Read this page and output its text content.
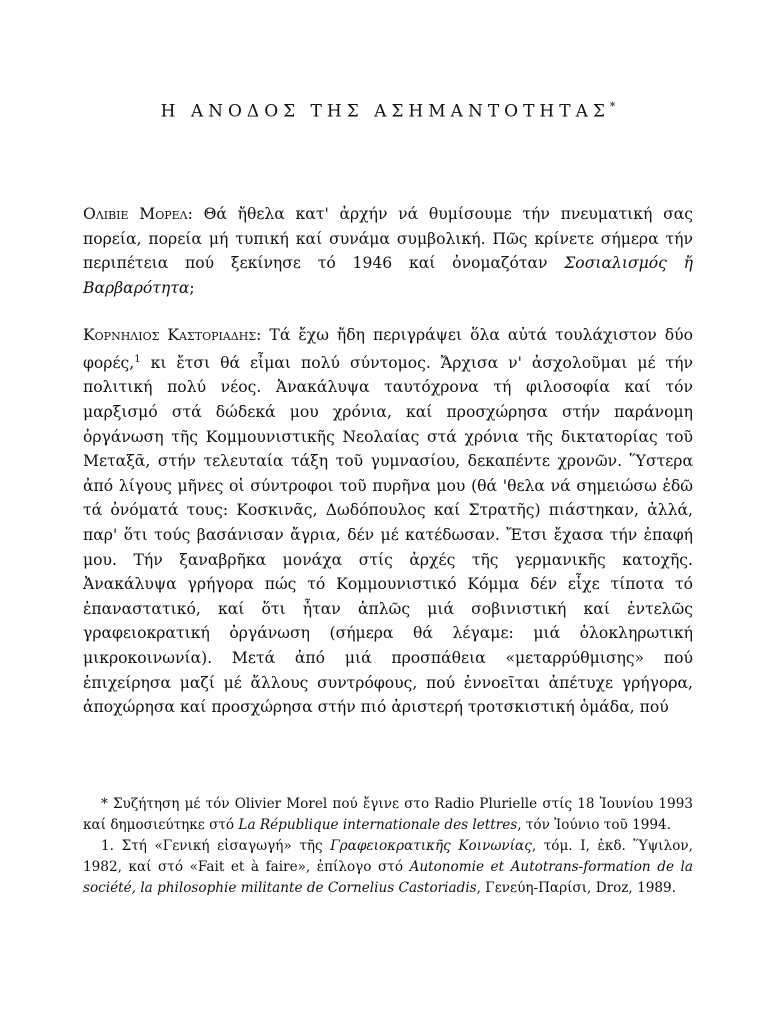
Η ΑΝΟΔΟΣ ΤΗΣ ΑΣΗΜΑΝΤΟΤΗΤΑΣ*

Ολιβιε Μορελ: Θά ἤθελα κατ' ἀρχήν νά θυμίσουμε τήν πνευματική σας πορεία, πορεία μή τυπική καί συνάμα συμβολική. Πῶς κρίνετε σήμερα τήν περιπέτεια πού ξεκίνησε τό 1946 καί ὀνομαζόταν Σοσιαλισμός ἤ Βαρβαρότητα;

Κορνηλιος Καστοριαδης: Τά ἔχω ἤδη περιγράψει ὅλα αὐτά τουλάχιστον δύο φορές,$^1$ κι ἔτσι θά εἶμαι πολύ σύντομος. Ἄρχισα ν' ἀσχολοῦμαι μέ τήν πολιτική πολύ νέος. Ἀνακάλυψα ταυτόχρονα τή φιλοσοφία καί τόν μαρξισμό στά δώδεκά μου χρόνια, καί προσχώρησα στήν παράνομη ὀργάνωση τῆς Κομμουνιστικῆς Νεολαίας στά χρόνια τῆς δικτατορίας τοῦ Μεταξᾶ, στήν τελευταία τάξη τοῦ γυμνασίου, δεκαπέντε χρονῶν. Ὕστερα ἀπό λίγους μῆνες οἱ σύντροφοι τοῦ πυρῆνα μου (θά 'θελα νά σημειώσω ἐδῶ τά ὀνόματά τους: Κοσκινᾶς, Δωδόπουλος καί Στρατῆς) πιάστηκαν, ἀλλά, παρ' ὅτι τούς βασάνισαν ἄγρια, δέν μέ κατέδωσαν. Ἔτσι ἔχασα τήν ἐπαφή μου. Τήν ξαναβρῆκα μονάχα στίς ἀρχές τῆς γερμανικῆς κατοχῆς. Ἀνακάλυψα γρήγορα πώς τό Κομμουνιστικό Κόμμα δέν εἶχε τίποτα τό ἐπαναστατικό, καί ὅτι ἦταν ἁπλῶς μιά σοβινιστική καί ἐντελῶς γραφειοκρατική ὀργάνωση (σήμερα θά λέγαμε: μιά ὁλοκληρωτική μικροκοινωνία). Μετά ἀπό μιά προσπάθεια «μεταρρύθμισης» πού ἐπιχείρησα μαζί μέ ἄλλους συντρόφους, πού ἐννοεῖται ἀπέτυχε γρήγορα, ἀποχώρησα καί προσχώρησα στήν πιό ἀριστερή τροτσκιστική ὁμάδα, πού

* Συζήτηση μέ τόν Olivier Morel πού ἔγινε στο Radio Plurielle στίς 18 Ἰουνίου 1993 καί δημοσιεύτηκε στό La République internationale des lettres, τόν Ἰούνιο τοῦ 1994.

1. Στή «Γενική εἰσαγωγή» τῆς Γραφειοκρατικῆς Κοινωνίας, τόμ. I, ἐκδ. Ὕψιλον, 1982, καί στό «Fait et à faire», ἐπίλογο στό Autonomie et Autotrans-formation de la société, la philosophie militante de Cornelius Castoriadis, Γενεύη-Παρίσι, Droz, 1989.
